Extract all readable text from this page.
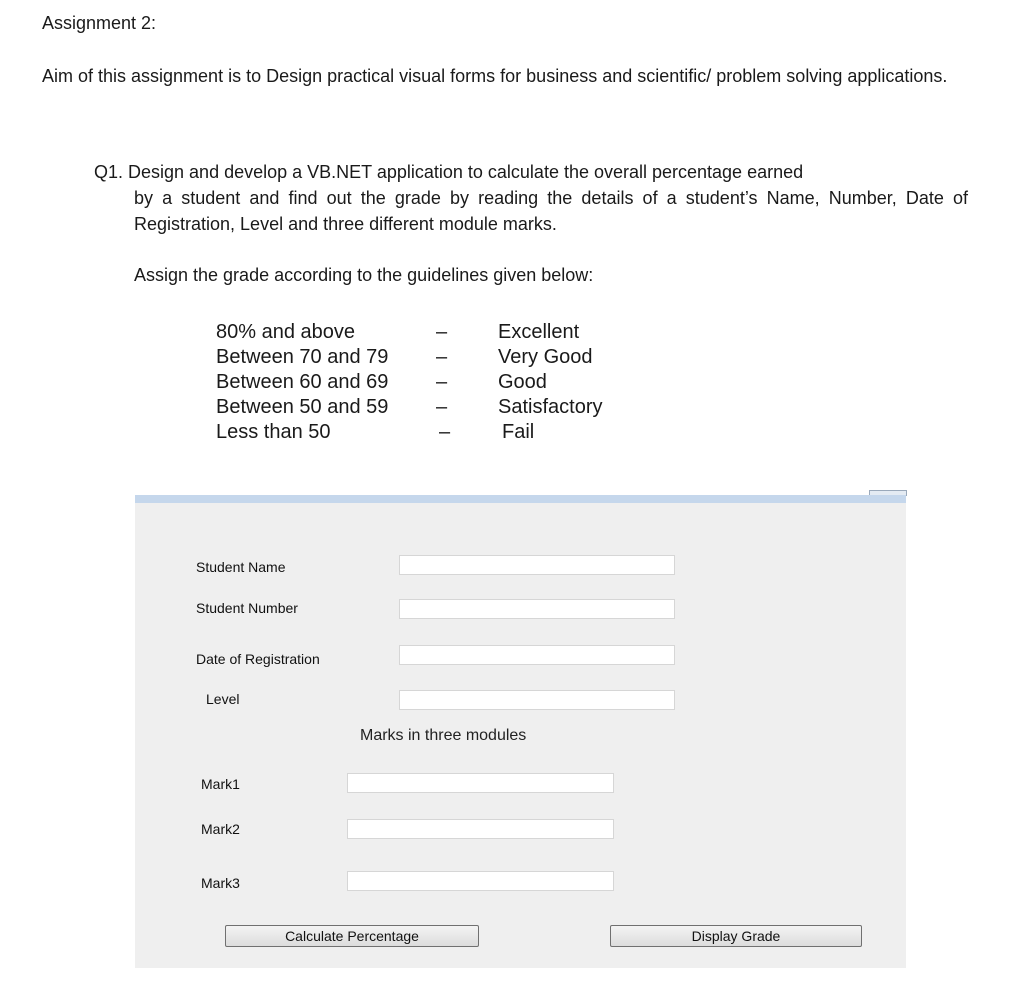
Assignment 2:

Aim of this assignment is to Design practical visual forms for business and scientific/ problem solving applications.

Q1. Design and develop a VB.NET application to calculate the overall percentage earned
by a student and find out the grade by reading the details of a student’s Name, Number, Date of Registration, Level and three different module marks.

Assign the grade according to the guidelines given below:

80% and above	–	Excellent
Between 70 and 79 –	Very Good
Between 60 and 69 –	Good
Between 50 and 59 –	Satisfactory
Less than 50	–	Fail
Student Name
Student Number
Date of Registration
Level
Marks in three modules
Mark1
Mark2
Mark3
Calculate Percentage	Display Grade
